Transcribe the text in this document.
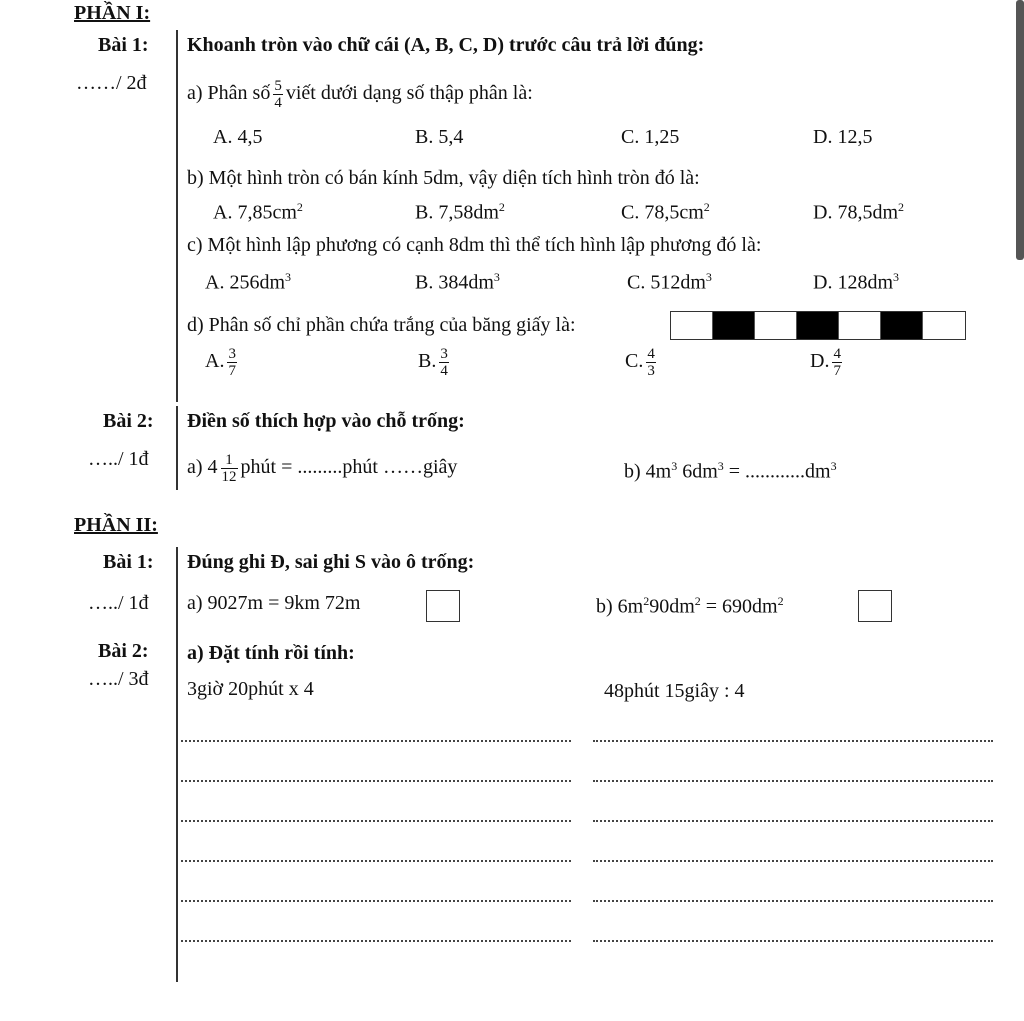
PHẦN I:
Bài 1:
……/ 2đ
Khoanh tròn vào chữ cái (A, B, C, D) trước câu trả lời đúng:
a) Phân số $\frac{5}{4}$ viết dưới dạng số thập phân là:
A. 4,5	B. 5,4	C. 1,25	D. 12,5
b) Một hình tròn có bán kính 5dm, vậy diện tích hình tròn đó là:
A. $7,85cm^2$	B. $7,58dm^2$	C. $78,5cm^2$	D. $78,5dm^2$
c) Một hình lập phương có cạnh 8dm thì thể tích hình lập phương đó là:
A. $256dm^3$	B. $384dm^3$	C. $512dm^3$	D. $128dm^3$
d) Phân số chỉ phần chứa trắng của băng giấy là:
A. $\frac{3}{7}$	B. $\frac{3}{4}$	C. $\frac{4}{3}$	D. $\frac{4}{7}$
Bài 2:
…../ 1đ
Điền số thích hợp vào chỗ trống:
a) $4 \frac{1}{12}$ phút = .........phút ……giây	b) $4m^3$ $6dm^3 = ............dm^3$
PHẦN II:
Bài 1:
…../ 1đ
Đúng ghi Đ, sai ghi S vào ô trống:
a) 9027m = 9km 72m	b) $6m^290dm^2 = 690dm^2$
Bài 2:
…../ 3đ
a) Đặt tính rồi tính:
3giờ 20phút x 4	48phút 15giây : 4
